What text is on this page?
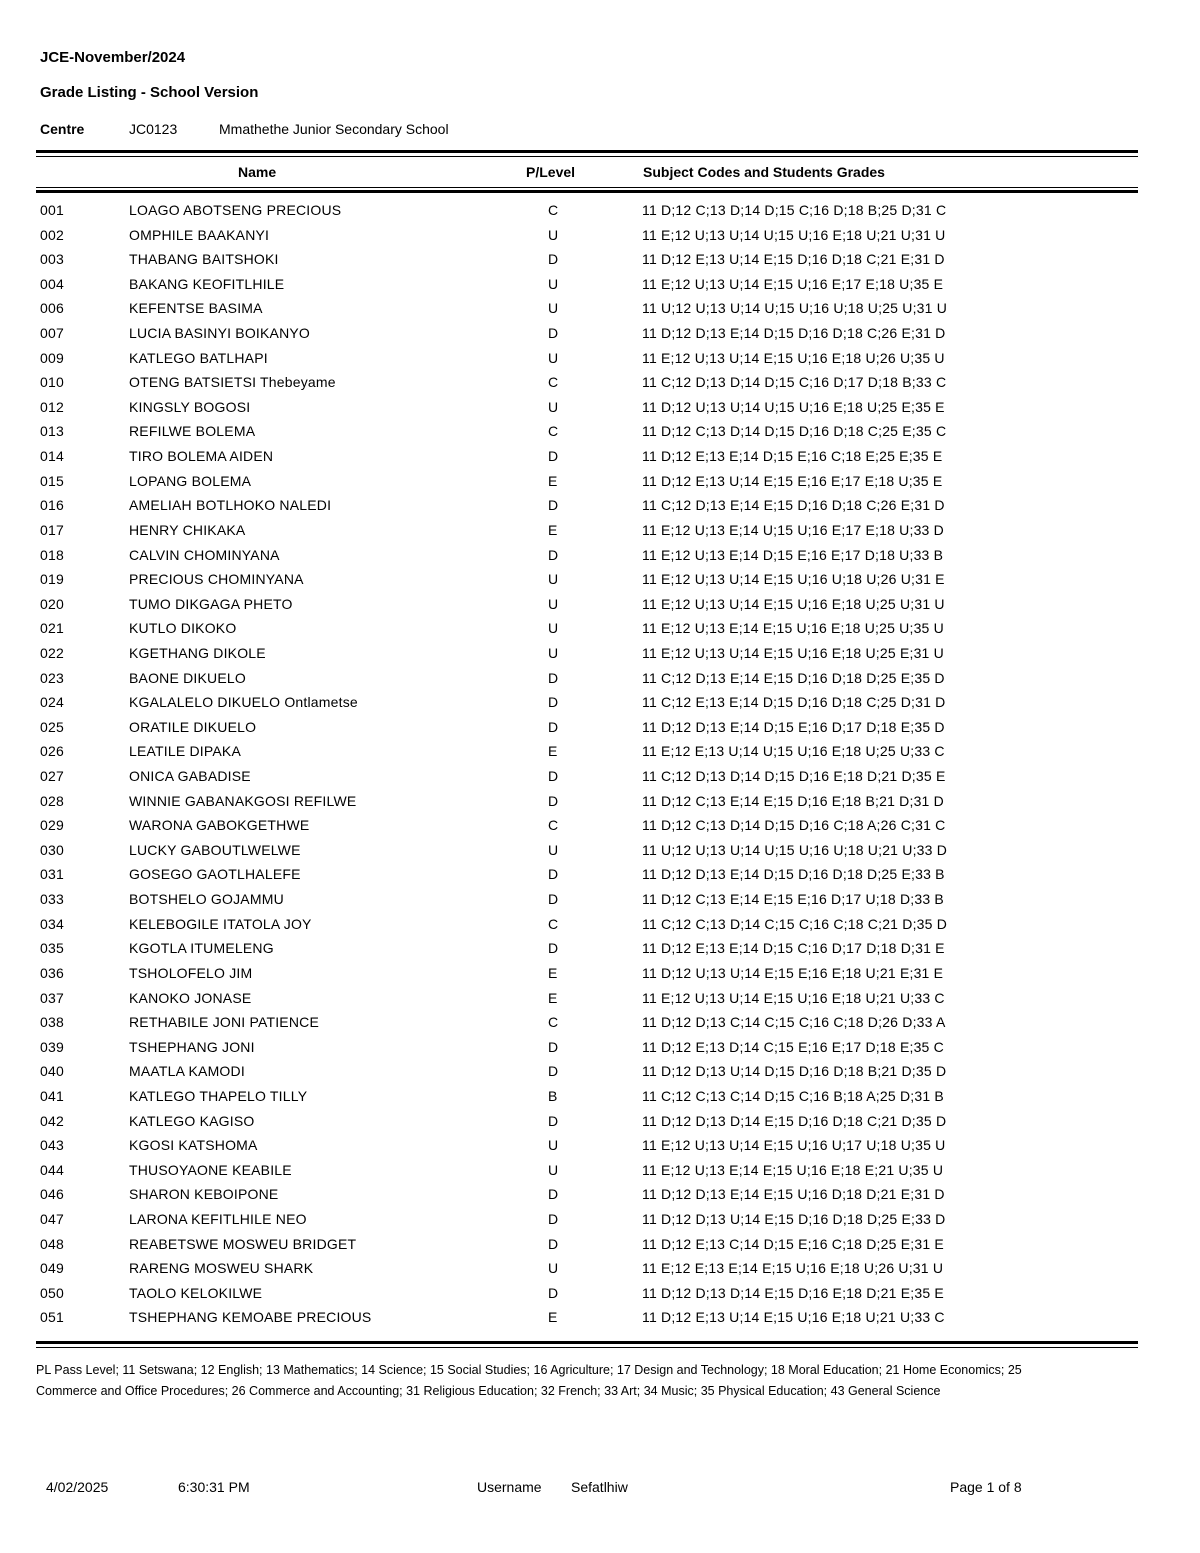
JCE-November/2024
Grade Listing - School Version
Centre	JC0123	Mmathethe Junior Secondary School
Name	P/Level	Subject Codes and Students Grades
001	LOAGO ABOTSENG PRECIOUS	C	11 D;12 C;13 D;14 D;15 C;16 D;18 B;25 D;31 C
002	OMPHILE BAAKANYI	U	11 E;12 U;13 U;14 U;15 U;16 E;18 U;21 U;31 U
003	THABANG BAITSHOKI	D	11 D;12 E;13 U;14 E;15 D;16 D;18 C;21 E;31 D
004	BAKANG KEOFITLHILE	U	11 E;12 U;13 U;14 E;15 U;16 E;17 E;18 U;35 E
006	KEFENTSE BASIMA	U	11 U;12 U;13 U;14 U;15 U;16 U;18 U;25 U;31 U
007	LUCIA BASINYI BOIKANYO	D	11 D;12 D;13 E;14 D;15 D;16 D;18 C;26 E;31 D
009	KATLEGO BATLHAPI	U	11 E;12 U;13 U;14 E;15 U;16 E;18 U;26 U;35 U
010	OTENG BATSIETSI Thebeyame	C	11 C;12 D;13 D;14 D;15 C;16 D;17 D;18 B;33 C
012	KINGSLY BOGOSI	U	11 D;12 U;13 U;14 U;15 U;16 E;18 U;25 E;35 E
013	REFILWE BOLEMA	C	11 D;12 C;13 D;14 D;15 D;16 D;18 C;25 E;35 C
014	TIRO BOLEMA AIDEN	D	11 D;12 E;13 E;14 D;15 E;16 C;18 E;25 E;35 E
015	LOPANG BOLEMA	E	11 D;12 E;13 U;14 E;15 E;16 E;17 E;18 U;35 E
016	AMELIAH BOTLHOKO NALEDI	D	11 C;12 D;13 E;14 E;15 D;16 D;18 C;26 E;31 D
017	HENRY CHIKAKA	E	11 E;12 U;13 E;14 U;15 U;16 E;17 E;18 U;33 D
018	CALVIN CHOMINYANA	D	11 E;12 U;13 E;14 D;15 E;16 E;17 D;18 U;33 B
019	PRECIOUS CHOMINYANA	U	11 E;12 U;13 U;14 E;15 U;16 U;18 U;26 U;31 E
020	TUMO DIKGAGA PHETO	U	11 E;12 U;13 U;14 E;15 U;16 E;18 U;25 U;31 U
021	KUTLO DIKOKO	U	11 E;12 U;13 E;14 E;15 U;16 E;18 U;25 U;35 U
022	KGETHANG DIKOLE	U	11 E;12 U;13 U;14 E;15 U;16 E;18 U;25 E;31 U
023	BAONE DIKUELO	D	11 C;12 D;13 E;14 E;15 D;16 D;18 D;25 E;35 D
024	KGALALELO DIKUELO Ontlametse	D	11 C;12 E;13 E;14 D;15 D;16 D;18 C;25 D;31 D
025	ORATILE DIKUELO	D	11 D;12 D;13 E;14 D;15 E;16 D;17 D;18 E;35 D
026	LEATILE DIPAKA	E	11 E;12 E;13 U;14 U;15 U;16 E;18 U;25 U;33 C
027	ONICA GABADISE	D	11 C;12 D;13 D;14 D;15 D;16 E;18 D;21 D;35 E
028	WINNIE GABANAKGOSI REFILWE	D	11 D;12 C;13 E;14 E;15 D;16 E;18 B;21 D;31 D
029	WARONA GABOKGETHWE	C	11 D;12 C;13 D;14 D;15 D;16 C;18 A;26 C;31 C
030	LUCKY GABOUTLWELWE	U	11 U;12 U;13 U;14 U;15 U;16 U;18 U;21 U;33 D
031	GOSEGO GAOTLHALEFE	D	11 D;12 D;13 E;14 D;15 D;16 D;18 D;25 E;33 B
033	BOTSHELO GOJAMMU	D	11 D;12 C;13 E;14 E;15 E;16 D;17 U;18 D;33 B
034	KELEBOGILE ITATOLA JOY	C	11 C;12 C;13 D;14 C;15 C;16 C;18 C;21 D;35 D
035	KGOTLA ITUMELENG	D	11 D;12 E;13 E;14 D;15 C;16 D;17 D;18 D;31 E
036	TSHOLOFELO JIM	E	11 D;12 U;13 U;14 E;15 E;16 E;18 U;21 E;31 E
037	KANOKO JONASE	E	11 E;12 U;13 U;14 E;15 U;16 E;18 U;21 U;33 C
038	RETHABILE JONI PATIENCE	C	11 D;12 D;13 C;14 C;15 C;16 C;18 D;26 D;33 A
039	TSHEPHANG JONI	D	11 D;12 E;13 D;14 C;15 E;16 E;17 D;18 E;35 C
040	MAATLA KAMODI	D	11 D;12 D;13 U;14 D;15 D;16 D;18 B;21 D;35 D
041	KATLEGO THAPELO TILLY	B	11 C;12 C;13 C;14 D;15 C;16 B;18 A;25 D;31 B
042	KATLEGO KAGISO	D	11 D;12 D;13 D;14 E;15 D;16 D;18 C;21 D;35 D
043	KGOSI KATSHOMA	U	11 E;12 U;13 U;14 E;15 U;16 U;17 U;18 U;35 U
044	THUSOYAONE KEABILE	U	11 E;12 U;13 E;14 E;15 U;16 E;18 E;21 U;35 U
046	SHARON KEBOIPONE	D	11 D;12 D;13 E;14 E;15 U;16 D;18 D;21 E;31 D
047	LARONA KEFITLHILE NEO	D	11 D;12 D;13 U;14 E;15 D;16 D;18 D;25 E;33 D
048	REABETSWE MOSWEU BRIDGET	D	11 D;12 E;13 C;14 D;15 E;16 C;18 D;25 E;31 E
049	RARENG MOSWEU SHARK	U	11 E;12 E;13 E;14 E;15 U;16 E;18 U;26 U;31 U
050	TAOLO KELOKILWE	D	11 D;12 D;13 D;14 E;15 D;16 E;18 D;21 E;35 E
051	TSHEPHANG KEMOABE PRECIOUS	E	11 D;12 E;13 U;14 E;15 U;16 E;18 U;21 U;33 C
PL Pass Level; 11 Setswana; 12 English; 13 Mathematics; 14 Science; 15 Social Studies; 16 Agriculture; 17 Design and Technology; 18 Moral Education; 21 Home Economics; 25 Commerce and Office Procedures; 26 Commerce and Accounting; 31 Religious Education; 32 French; 33 Art; 34 Music; 35 Physical Education; 43 General Science
4/02/2025	6:30:31 PM	Username Sefatlhiw	Page 1 of 8
